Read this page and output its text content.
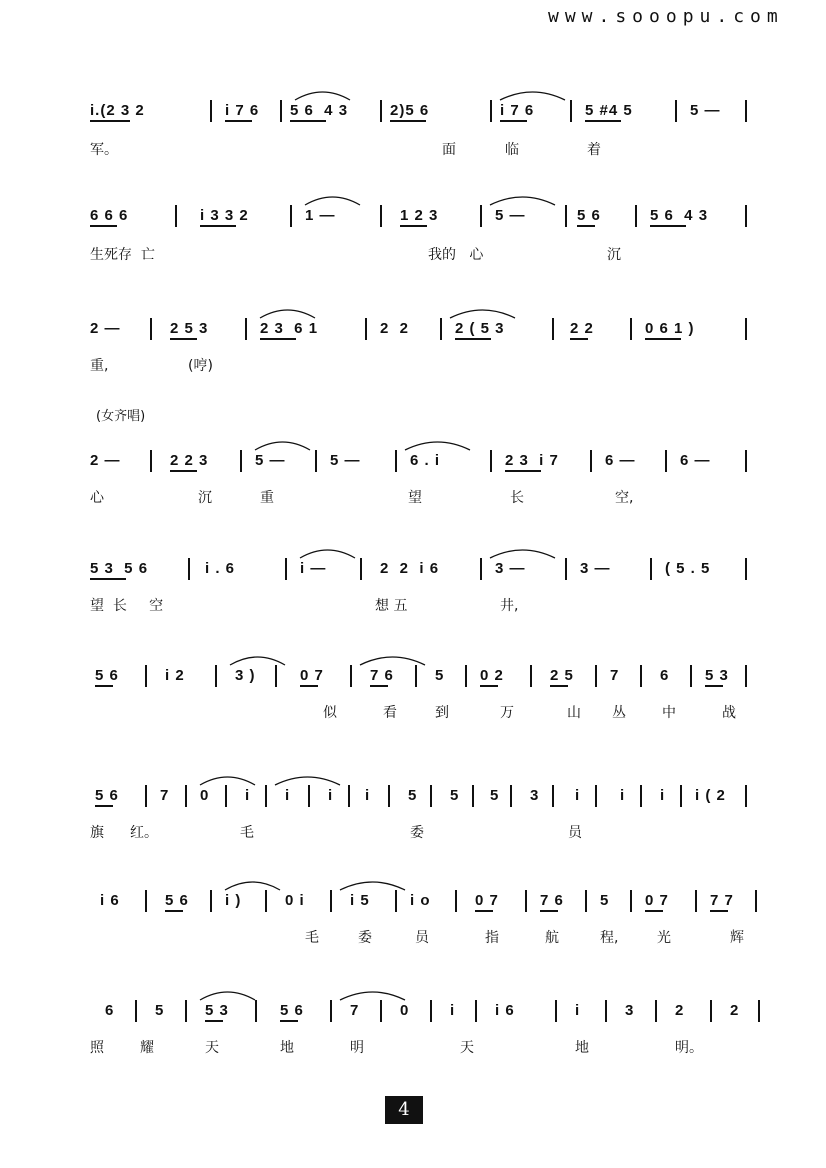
www.sooopu.com
(女齐唱)
i.(2 3 2	i 7 6 5 6  4 3	2)5 6	i 7 6	5 #4 5	5 —
军。	面	临	着
6 6 6	i 3 3 2	1 —	1 2 3	5 —	5 6	5 6  4 3
生死存  亡	我的   心	沉
2 —	2 5 3	2 3  6 1	2  2	2 ( 5 3	2 2	0 6 1 )
重,	(哼)
2 —	2 2 3	5 —	5 —	6 . i	2 3  i 7	6 —	6 —
心	沉	重	望	长	空,
5 3  5 6	i . 6	i —	2  2  i 6	3 —	3 —	( 5 . 5
望  长     空	想 五	井,
5 6	i 2	3 )	0 7	7 6	5 0 2	2 5 7	6 5 3
似	看	到	万	山 丛	中	战
5 6	7 0 i i	i i	5 5 5 3 i	i i i ( 2
旗 红。	毛	委	员
i 6	5 6 i )	0 i	i 5	i o	0 7	7 6 5 0 7	7 7
毛	委	员	指	航	程,	光	辉
6	5	5 3	5 6	7	0	i	i 6	i	3	2	2
照	耀	天	地	明	天	地	明。
4
